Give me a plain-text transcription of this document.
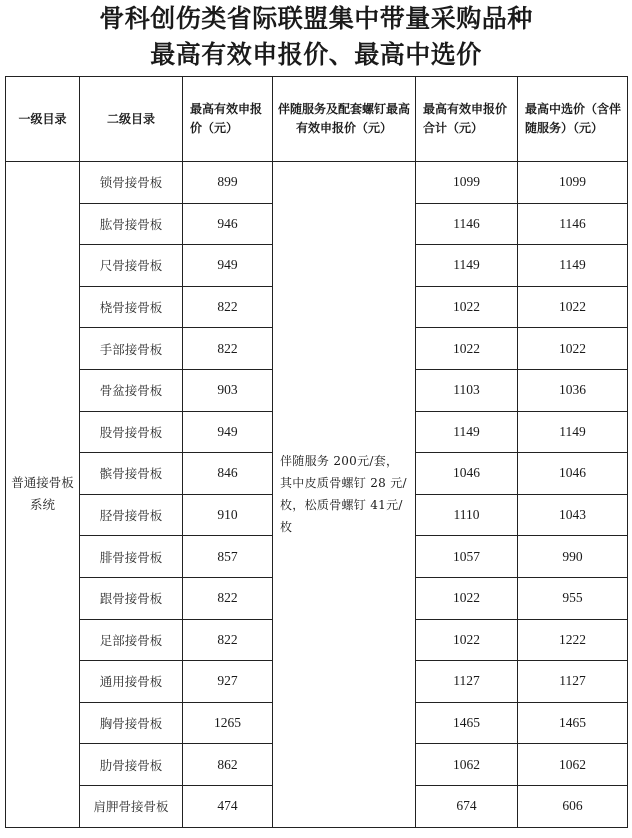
骨科创伤类省际联盟集中带量采购品种
最高有效申报价、最高中选价
一级目录	二级目录	最高有效申报价（元）	伴随服务及配套螺钉最高有效申报价（元）	最高有效申报价合计（元）	最高中选价（含伴随服务）（元）
普通接骨板系统	锁骨接骨板	899	伴随服务 200元/套，其中皮质骨螺钉 28 元/枚，松质骨螺钉 41元/枚	1099	1099
	肱骨接骨板	946		1146	1146
	尺骨接骨板	949		1149	1149
	桡骨接骨板	822		1022	1022
	手部接骨板	822		1022	1022
	骨盆接骨板	903		1103	1036
	股骨接骨板	949		1149	1149
	髌骨接骨板	846		1046	1046
	胫骨接骨板	910		1110	1043
	腓骨接骨板	857		1057	990
	跟骨接骨板	822		1022	955
	足部接骨板	822		1022	1222
	通用接骨板	927		1127	1127
	胸骨接骨板	1265		1465	1465
	肋骨接骨板	862		1062	1062
	肩胛骨接骨板	474		674	606
